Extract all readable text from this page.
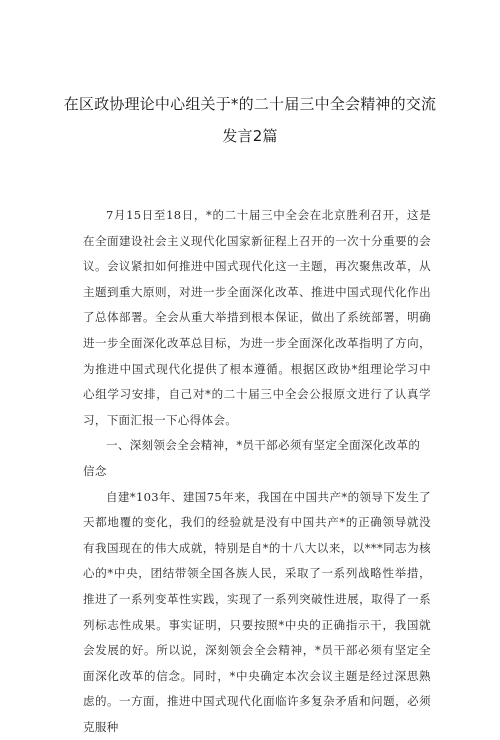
在区政协理论中心组关于*的二十届三中全会精神的交流
发言2篇

7月15日至18日，*的二十届三中全会在北京胜利召开，这是在全面建设社会主义现代化国家新征程上召开的一次十分重要的会议。会议紧扣如何推进中国式现代化这一主题，再次聚焦改革，从主题到重大原则，对进一步全面深化改革、推进中国式现代化作出了总体部署。全会从重大举措到根本保证，做出了系统部署，明确进一步全面深化改革总目标，为进一步全面深化改革指明了方向，为推进中国式现代化提供了根本遵循。根据区政协*组理论学习中心组学习安排，自己对*的二十届三中全会公报原文进行了认真学习，下面汇报一下心得体会。

一、深刻领会全会精神，*员干部必须有坚定全面深化改革的信念

自建*103年、建国75年来，我国在中国共产*的领导下发生了天都地覆的变化，我们的经验就是没有中国共产*的正确领导就没有我国现在的伟大成就，特别是自*的十八大以来，以***同志为核心的*中央，团结带领全国各族人民，采取了一系列战略性举措，推进了一系列变革性实践，实现了一系列突破性进展，取得了一系列标志性成果。事实证明，只要按照*中央的正确指示干，我国就会发展的好。所以说，深刻领会全会精神，*员干部必须有坚定全面深化改革的信念。同时，*中央确定本次会议主题是经过深思熟虑的。一方面，推进中国式现代化面临许多复杂矛盾和问题，必须克服种
